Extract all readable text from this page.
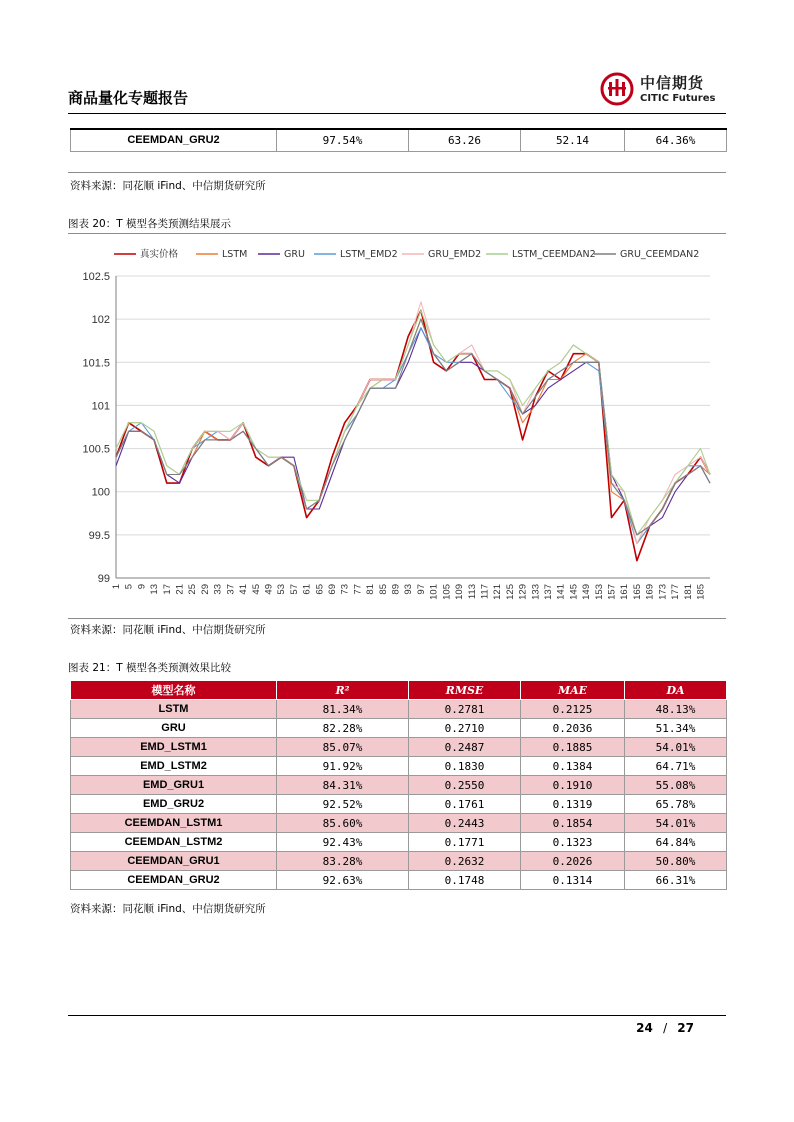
商品量化专题报告
中信期货
CITIC Futures
CEEMDAN_GRU2	97.54%	63.26	52.14	64.36%
资料来源：同花顺 iFind、中信期货研究所
图表 20：T 模型各类预测结果展示
99
99.5
100
100.5
101
101.5
102
102.5
1 5 9 13 17 21 25 29 33 37 41 45 49 53 57 61 65 69 73 77 81 85 89 93 97 101 105 109 113 117 121 125 129 133 137 141 145 149 153 157 161 165 169 173 177 181 185
真实价格	LSTM	GRU	LSTM_EMD2	GRU_EMD2	LSTM_CEEMDAN2	GRU_CEEMDAN2
资料来源：同花顺 iFind、中信期货研究所
图表 21：T 模型各类预测效果比较
模型名称	R²	RMSE	MAE	DA
LSTM	81.34%	0.2781	0.2125	48.13%
GRU	82.28%	0.2710	0.2036	51.34%
EMD_LSTM1	85.07%	0.2487	0.1885	54.01%
EMD_LSTM2	91.92%	0.1830	0.1384	64.71%
EMD_GRU1	84.31%	0.2550	0.1910	55.08%
EMD_GRU2	92.52%	0.1761	0.1319	65.78%
CEEMDAN_LSTM1	85.60%	0.2443	0.1854	54.01%
CEEMDAN_LSTM2	92.43%	0.1771	0.1323	64.84%
CEEMDAN_GRU1	83.28%	0.2632	0.2026	50.80%
CEEMDAN_GRU2	92.63%	0.1748	0.1314	66.31%
资料来源：同花顺 iFind、中信期货研究所
24 / 27
